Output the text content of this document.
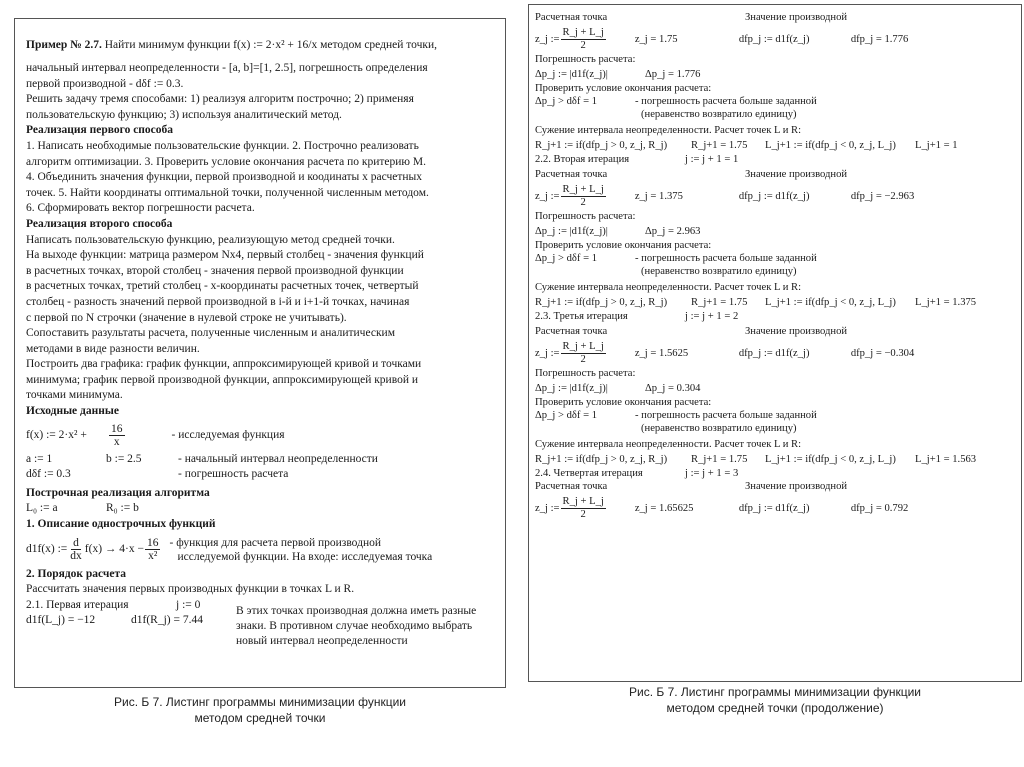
Пример № 2.7.
Найти минимум функции f(x) := 2·x² + 16/x методом средней точки,
начальный интервал неопределенности - [a, b]=[1, 2.5], погрешность определения
первой производной - dδf := 0.3.
Решить задачу тремя способами: 1) реализуя алгоритм построчно; 2) применяя
пользовательскую функцию; 3) используя аналитический метод.
Реализация первого способа
1. Написать необходимые пользовательские функции. 2. Построчно реализовать
алгоритм оптимизации. 3. Проверить условие окончания расчета по критерию M.
4. Объединить значения функции, первой производной и коодинаты x расчетных
точек. 5. Найти координаты оптимальной точки, полученной численным методом.
6. Сформировать вектор погрешности расчета.
Реализация второго способа
Написать пользовательскую функцию, реализующую метод средней точки.
На выходе функции: матрица размером Nx4, первый столбец - значения функций
в расчетных точках, второй столбец - значения первой производной функции
в расчетных точках, третий столбец - x-координаты расчетных точек, четвертый
столбец - разность значений первой производной в i-й и i+1-й точках, начиная
с первой по N строчки (значение в нулевой строке не учитывать).
Сопоставить разультаты расчета, полученные численным и аналитическим
методами в виде разности величин.
Построить два графика: график функции, аппроксимирующей кривой и точками
минимума; график первой производной функции, аппроксимирующей кривой и
точками минимума.
Исходные данные
f(x) := 2·x² +	$\frac{16}{x}$	- исследуемая функция
a := 1	b := 2.5	- начальный интервал неопределенности
dδf := 0.3	- погрешность расчета
Построчная реализация алгоритма
L₀ := a	R₀ := b
1. Описание однострочных функций
d1f(x) := $\frac{d}{dx} f(x) \to 4\cdot x - \frac{16}{\text{x²}}$ - функция для расчета первой производной
исследуемой функции. На входе: исследуемая точка
2. Порядок расчета
Рассчитать значения первых производных функции в точках L и R.
2.1. Первая итерация	j := 0
d1f(L_j) = −12	d1f(R_j) = 7.44
В этих точках производная должна иметь разные
знаки. В противном случае необходимо выбрать
новый интервал неопределенности
Рис. Б 7. Листинг программы минимизации функции
методом средней точки
Расчетная точка	Значение производной
z_j := $\frac{R\_j + L\_j}{2}$	z_j = 1.75	dfp_j := d1f(z_j)	dfp_j = 1.776
Погрешность расчета:
Δp_j := |d1f(z_j)|	Δp_j = 1.776
Проверить условие окончания расчета:
Δp_j > dδf = 1	- погрешность расчета больше заданной
(неравенство возвратило единицу)
Сужение интервала неопределенности. Расчет точек L и R:
R_j+1 := if(dfp_j > 0, z_j, R_j)	R_j+1 = 1.75	L_j+1 := if(dfp_j < 0, z_j, L_j)	L_j+1 = 1
2.2. Вторая итерация	j := j + 1 = 1
Расчетная точка	Значение производной
z_j := $\frac{R\_j + L\_j}{2}$	z_j = 1.375	dfp_j := d1f(z_j)	dfp_j = −2.963
Погрешность расчета:
Δp_j := |d1f(z_j)|	Δp_j = 2.963
Проверить условие окончания расчета:
Δp_j > dδf = 1	- погрешность расчета больше заданной
(неравенство возвратило единицу)
Сужение интервала неопределенности. Расчет точек L и R:
R_j+1 := if(dfp_j > 0, z_j, R_j)	R_j+1 = 1.75	L_j+1 := if(dfp_j < 0, z_j, L_j)	L_j+1 = 1.375
2.3. Третья итерация	j := j + 1 = 2
Расчетная точка	Значение производной
z_j := $\frac{R\_j + L\_j}{2}$	z_j = 1.5625	dfp_j := d1f(z_j)	dfp_j = −0.304
Погрешность расчета:
Δp_j := |d1f(z_j)|	Δp_j = 0.304
Проверить условие окончания расчета:
Δp_j > dδf = 1	- погрешность расчета больше заданной
(неравенство возвратило единицу)
Сужение интервала неопределенности. Расчет точек L и R:
R_j+1 := if(dfp_j > 0, z_j, R_j)	R_j+1 = 1.75	L_j+1 := if(dfp_j < 0, z_j, L_j)	L_j+1 = 1.563
2.4. Четвертая итерация	j := j + 1 = 3
Расчетная точка	Значение производной
z_j := $\frac{R\_j + L\_j}{2}$	z_j = 1.65625	dfp_j := d1f(z_j)	dfp_j = 0.792
Рис. Б 7. Листинг программы минимизации функции
методом средней точки (продолжение)
